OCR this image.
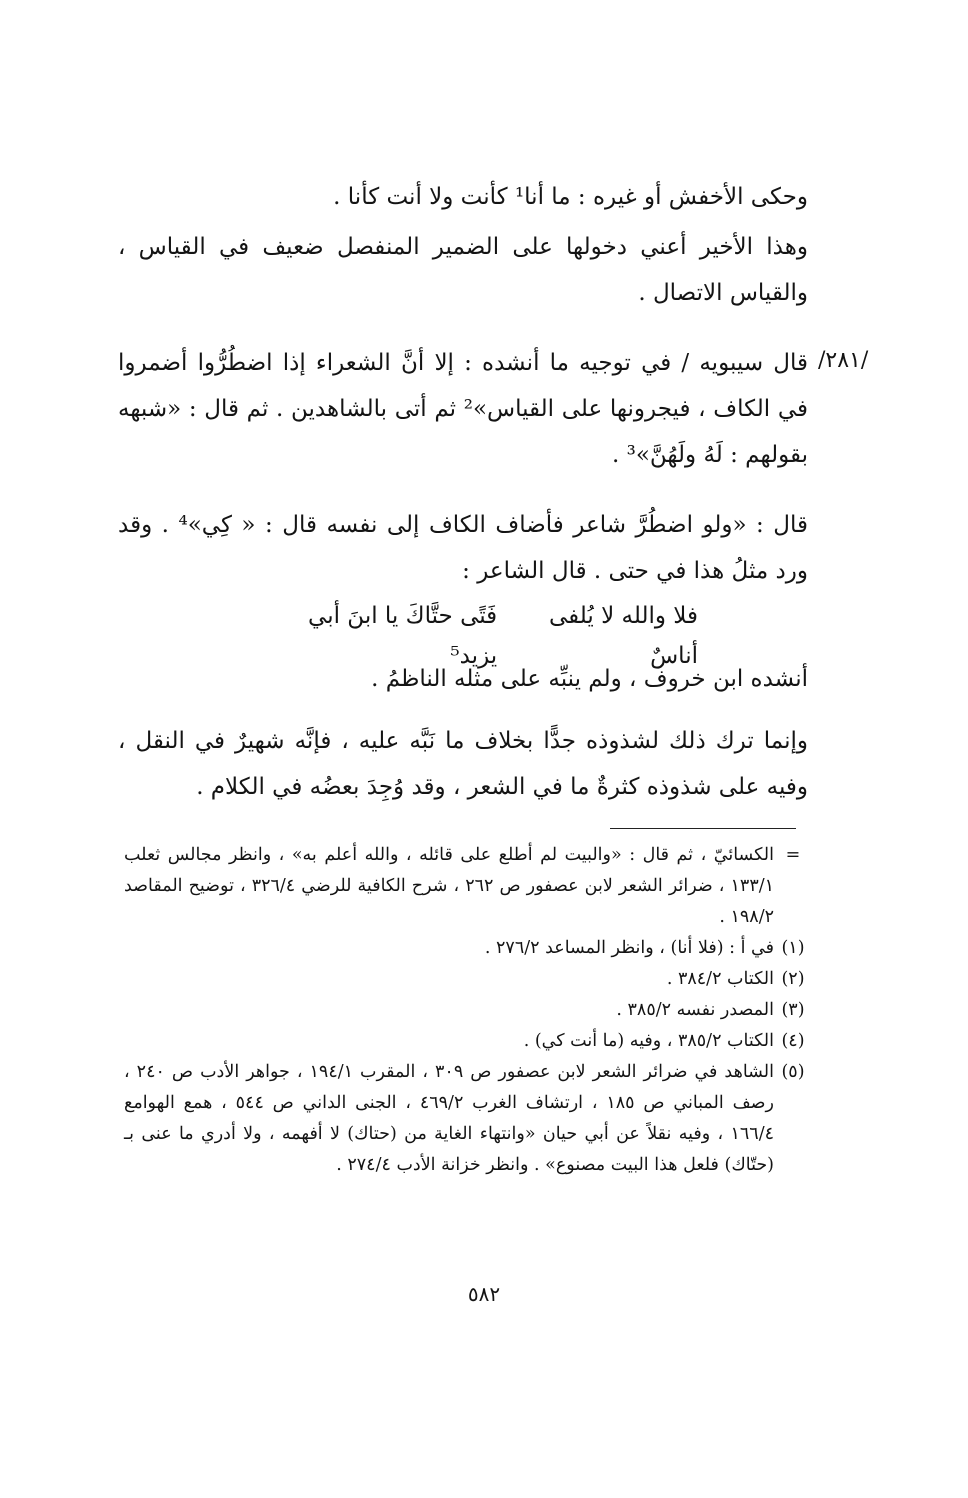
/٢٨١/

وحكى الأخفش أو غيره : ما أنا¹ كأنت ولا أنت كأنا .

وهذا الأخير أعني دخولها على الضمير المنفصل ضعيف في القياس ، والقياس الاتصال .

قال سيبويه / في توجيه ما أنشده : إلا أنَّ الشعراء إذا اضطُرُّوا أضمروا في الكاف ، فيجرونها على القياس»² ثم أتى بالشاهدين . ثم قال : «شبهه بقولهم : لَهُ ولَهُنَّ»³ .

قال : «ولو اضطُرَّ شاعر فأضاف الكاف إلى نفسه قال : « كِي»⁴ . وقد ورد مثلُ هذا في حتى . قال الشاعر :

فلا والله لا يُلفى أناسٌ
فَتًى حتَّاكَ يا ابنَ أبي يزيد⁵

أنشده ابن خروف ، ولم ينبِّه على مثله الناظمُ .

وإنما ترك ذلك لشذوذه جدًّا بخلاف ما نَبَّه عليه ، فإنَّه شهيرٌ في النقل ، وفيه على شذوذه كثرةٌ ما في الشعر ، وقد وُجِدَ بعضُه في الكلام .

=
الكسائيّ ، ثم قال : «والبيت لم أطلع على قائله ، والله أعلم به» ، وانظر مجالس ثعلب ١٣٣/١ ، ضرائر الشعر لابن عصفور ص ٢٦٢ ، شرح الكافية للرضي ٣٢٦/٤ ، توضيح المقاصد ١٩٨/٢ .
(١)
في أ : (فلا أنا) ، وانظر المساعد ٢٧٦/٢ .
(٢)
الكتاب ٣٨٤/٢ .
(٣)
المصدر نفسه ٣٨٥/٢ .
(٤)
الكتاب ٣٨٥/٢ ، وفيه (ما أنت كي) .
(٥)
الشاهد في ضرائر الشعر لابن عصفور ص ٣٠٩ ، المقرب ١٩٤/١ ، جواهر الأدب ص ٢٤٠ ، رصف المباني ص ١٨٥ ، ارتشاف الغرب ٤٦٩/٢ ، الجنى الداني ص ٥٤٤ ، همع الهوامع ١٦٦/٤ ، وفيه نقلاً عن أبي حيان «وانتهاء الغاية من (حتاك) لا أفهمه ، ولا أدري ما عنى بـ (حتّاك) فلعل هذا البيت مصنوع» . وانظر خزانة الأدب ٢٧٤/٤ .
٥٨٢
